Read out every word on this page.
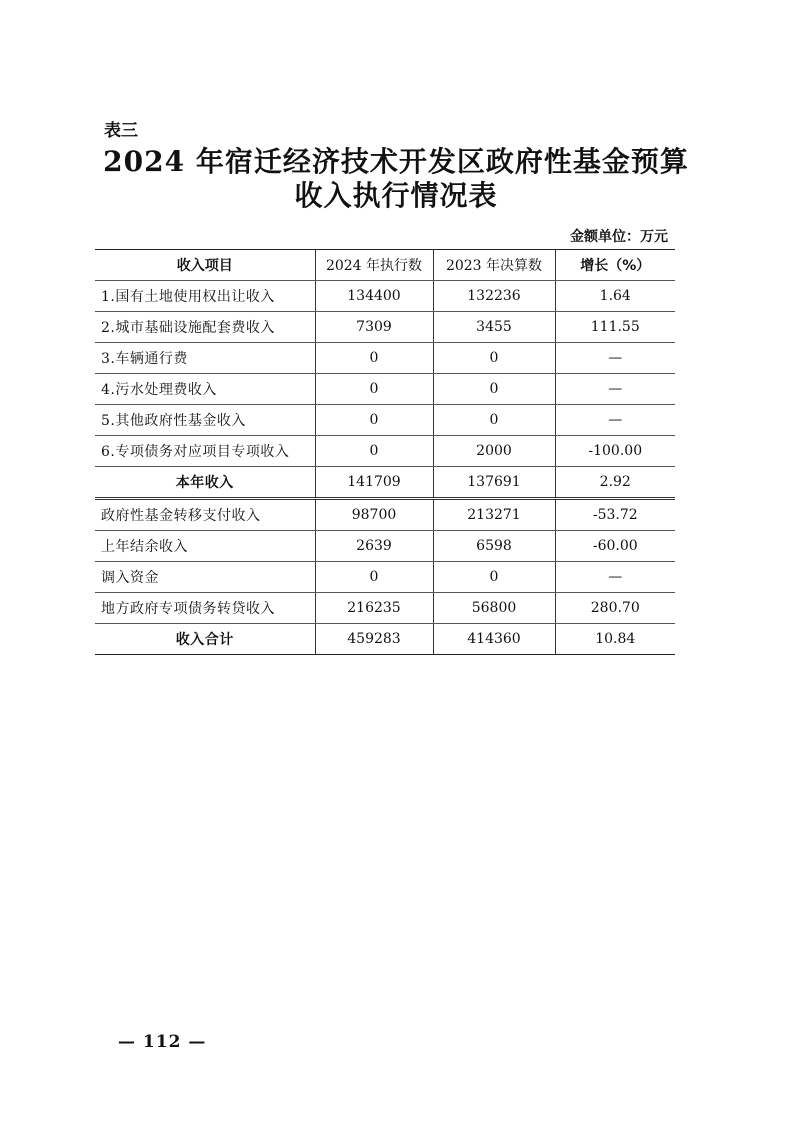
表三
2024 年宿迁经济技术开发区政府性基金预算
收入执行情况表
金额单位：万元
收入项目	2024 年执行数	2023 年决算数	增长（%）
1.国有土地使用权出让收入	134400	132236	1.64
2.城市基础设施配套费收入	7309	3455	111.55
3.车辆通行费	0	0	—
4.污水处理费收入	0	0	—
5.其他政府性基金收入	0	0	—
6.专项债务对应项目专项收入	0	2000	-100.00
本年收入	141709	137691	2.92
政府性基金转移支付收入	98700	213271	-53.72
上年结余收入	2639	6598	-60.00
调入资金	0	0	—
地方政府专项债务转贷收入	216235	56800	280.70
收入合计	459283	414360	10.84
— 112 —
